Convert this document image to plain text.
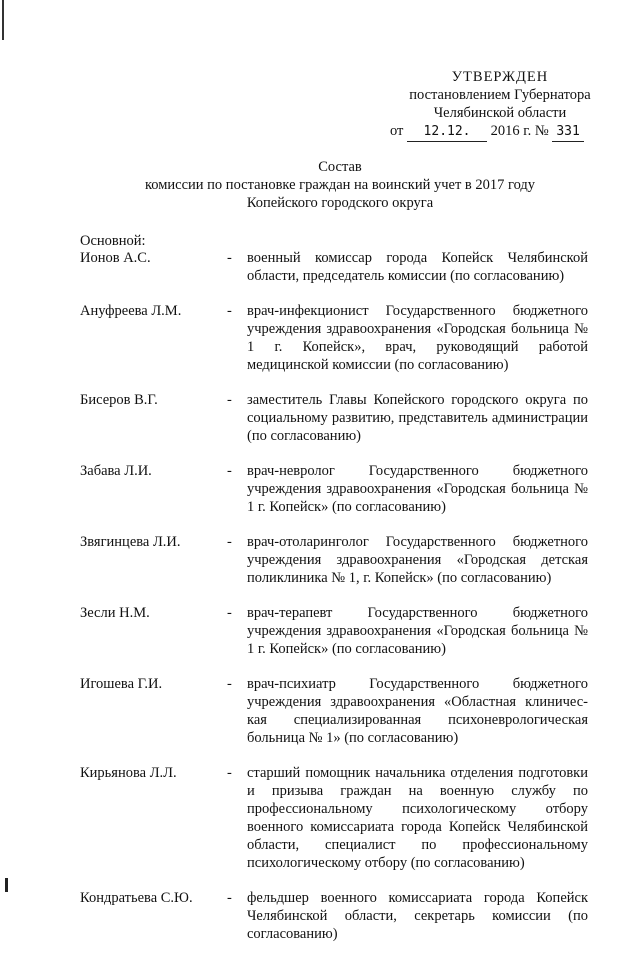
УТВЕРЖДЕН
постановлением Губернатора
Челябинской области
от 12.12. 2016 г. № 331
Состав
комиссии по постановке граждан на воинский учет в 2017 году
Копейского городского округа
Основной:
Ионов А.С.	-	военный комиссар города Копейск Челябинской области, председатель комиссии (по согласованию)
Ануфреева Л.М.	-	врач-инфекционист Государственного бюджетного учреждения здравоохранения «Городская больница № 1 г. Копейск», врач, руководящий работой медицинской комиссии (по согласованию)
Бисеров В.Г.	-	заместитель Главы Копейского городского округа по социальному развитию, представитель администрации (по согласованию)
Забава Л.И.	-	врач-невролог Государственного бюджетного учреждения здравоохранения «Городская больница № 1 г. Копейск» (по согласованию)
Звягинцева Л.И.	-	врач-отоларинголог Государственного бюджетного учреждения здравоохранения «Городская детская поликлиника № 1, г. Копейск» (по согласованию)
Зесли Н.М.	-	врач-терапевт Государственного бюджетного учреждения здравоохранения «Городская больница № 1 г. Копейск» (по согласованию)
Игошева Г.И.	-	врач-психиатр Государственного бюджетного учреждения здравоохранения «Областная клиничес-кая специализированная психоневрологическая больница № 1» (по согласованию)
Кирьянова Л.Л.	-	старший помощник начальника отделения подготовки и призыва граждан на военную службу по профессиональному психологическому отбору военного комиссариата города Копейск Челябинской области, специалист по профессиональному психологическому отбору (по согласованию)
Кондратьева С.Ю.	-	фельдшер военного комиссариата города Копейск Челябинской области, секретарь комиссии (по согласованию)
